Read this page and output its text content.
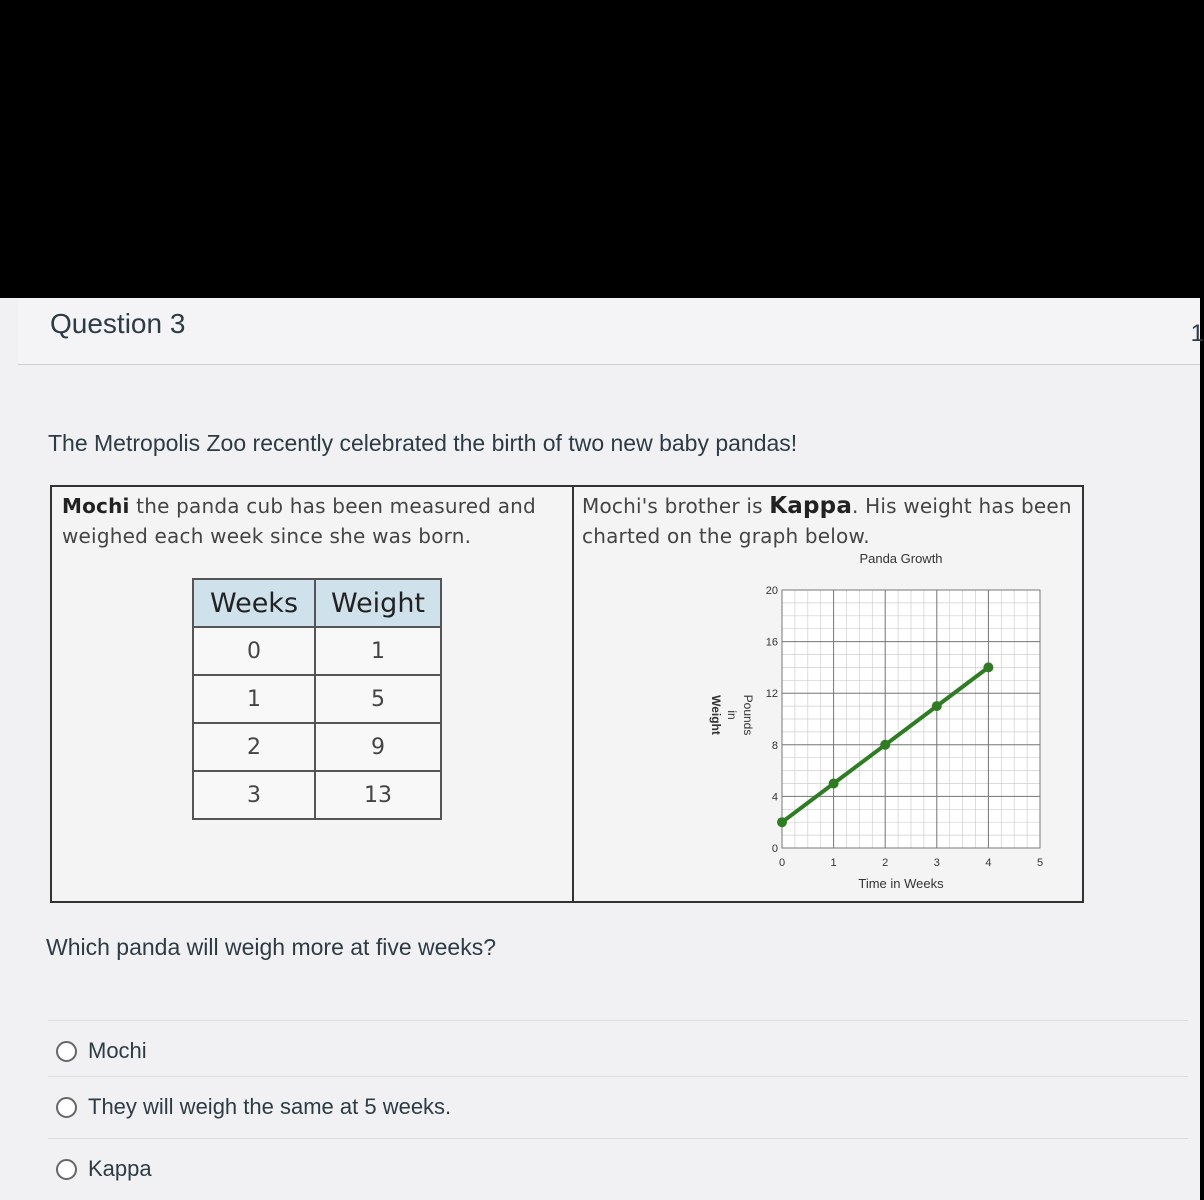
Question 3	1
The Metropolis Zoo recently celebrated the birth of two new baby pandas!
Mochi the panda cub has been measured and
weighed each week since she was born.
Weeks	Weight
0	1
1	5
2	9
3	13
Mochi's brother is Kappa. His weight has been
charted on the graph below.
0	1	2	3	4	5
0
4
8
12
16
20
Panda Growth
Time in Weeks
Weight in Pounds
Which panda will weigh more at five weeks?
Mochi
They will weigh the same at 5 weeks.
Kappa
